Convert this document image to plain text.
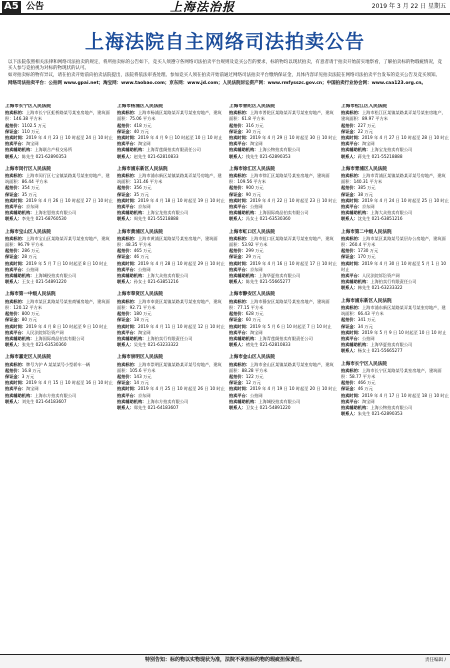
A5 公告	上海法治报	2019 年 3 月 22 日 星期五
上海法院自主网络司法拍卖公告

以下法院依照相关法律和网络司法拍卖的规定，将所拍卖标的公告如下，竞买人须遵守各网络司法拍卖平台规则及竞买公告的要求，标的物均以现状拍卖，有意者请于拍卖开始前实地察看，了解拍卖标的物瑕疵情况，竞买人参与竞拍视为对标的物现状的认可。

如对拍卖标的物有异议，请在拍卖开始前向拍卖法院提出，法院将依法审查处理。参加竞买人须在拍卖开始前通过网络司法拍卖平台缴纳保证金，具体内容详见拍卖法院在网络司法拍卖平台发布的竞买公告及竞买须知。

网络司法拍卖平台：公拍网 www.gpai.net；淘宝网：www.taobao.com；京东网：www.jd.com；人民法院诉讼资产网：www.rmfysszc.gov.cn；中国拍卖行业协会网：www.caa123.org.cn。

上海市长宁区人民法院
拍卖标的：上海市长宁区虹桥路某号某室房地产，建筑面积：146.38 平方米
起拍价：1102.5 万元
保证金：110 万元
拍卖时间：2019 年 4 月 23 日 10 时起至 24 日 10 时止
拍卖平台：淘宝网
拍卖辅助机构：上海联合产权交易所
联系人：陈先生 021-62890353
上海市闵行区人民法院
拍卖标的：上海市闵行区七宝镇某路某号某室房地产，建筑面积：86.44 平方米
起拍价：354 万元
保证金：35 万元
拍卖时间：2019 年 4 月 26 日 10 时起至 27 日 10 时止
拍卖平台：京东网
拍卖辅助机构：上海宏恩拍卖有限公司
联系人：李先生 021-68760530
上海市宝山区人民法院
拍卖标的：上海市宝山区某路某弄某号某室房地产，建筑面积：96.79 平方米
起拍价：286 万元
保证金：28 万元
拍卖时间：2019 年 5 月 7 日 10 时起至 8 日 10 时止
拍卖平台：公拍网
拍卖辅助机构：上海城投拍卖有限公司
联系人：王女士 021-54891220
上海市第一中级人民法院
拍卖标的：上海市某区某路某号某室商铺房地产，建筑面积：120.12 平方米
起拍价：800 万元
保证金：80 万元
拍卖时间：2019 年 4 月 8 日 10 时起至 9 日 10 时止
拍卖平台：人民法院诉讼资产网
拍卖辅助机构：上海国际商品拍卖有限公司
联系人：张先生 021-63530360
上海市嘉定区人民法院
拍卖标的：牌号为沪 A 某某某号小型轿车一辆
起拍价：16.8 万元
保证金：3 万元
拍卖时间：2019 年 4 月 15 日 10 时起至 16 日 10 时止
拍卖平台：淘宝网
拍卖辅助机构：上海东方拍卖有限公司
联系人：刘先生 021-64183607
上海市杨浦区人民法院
拍卖标的：上海市杨浦区某路某弄某号某室房地产，建筑面积：75.06 平方米
起拍价：418 万元
保证金：40 万元
拍卖时间：2019 年 4 月 9 日 10 时起至 10 日 10 时止
拍卖平台：淘宝网
拍卖辅助机构：上海青莲阁拍卖有限责任公司
联系人：赵先生 021-62810833
上海市浦东新区人民法院
拍卖标的：上海市浦东新区某镇某路某弄某号房地产，建筑面积：131.46 平方米
起拍价：356 万元
保证金：35 万元
拍卖时间：2019 年 4 月 18 日 10 时起至 19 日 10 时止
拍卖平台：京东网
拍卖辅助机构：上海宝龙拍卖有限公司
联系人：周先生 021-55218888
上海市黄浦区人民法院
拍卖标的：上海市黄浦区某路某号某室房地产，建筑面积：48.35 平方米
起拍价：465 万元
保证金：46 万元
拍卖时间：2019 年 4 月 28 日 10 时起至 29 日 10 时止
拍卖平台：公拍网
拍卖辅助机构：上海大众拍卖有限公司
联系人：孙女士 021-63851216
上海市奉贤区人民法院
拍卖标的：上海市奉贤区某镇某路某号某室房地产，建筑面积：92.71 平方米
起拍价：180 万元
保证金：18 万元
拍卖时间：2019 年 4 月 11 日 10 时起至 12 日 10 时止
拍卖平台：淘宝网
拍卖辅助机构：上海拍卖行有限责任公司
联系人：吴先生 021-63233322
上海市崇明区人民法院
拍卖标的：上海市崇明区某镇某路某弄某号房地产，建筑面积：105.6 平方米
起拍价：143 万元
保证金：14 万元
拍卖时间：2019 年 4 月 25 日 10 时起至 26 日 10 时止
拍卖平台：京东网
拍卖辅助机构：上海东方拍卖有限公司
联系人：郑先生 021-64183607
上海市普陀区人民法院
拍卖标的：上海市普陀区某路某弄某号某室房地产，建筑面积：61.8 平方米
起拍价：316 万元
保证金：30 万元
拍卖时间：2019 年 4 月 29 日 10 时起至 30 日 10 时止
拍卖平台：淘宝网
拍卖辅助机构：上海公物拍卖有限公司
联系人：钱先生 021-62890353
上海市徐汇区人民法院
拍卖标的：上海市徐汇区某路某号某室房地产，建筑面积：109.56 平方米
起拍价：900 万元
保证金：90 万元
拍卖时间：2019 年 4 月 22 日 10 时起至 23 日 10 时止
拍卖平台：公拍网
拍卖辅助机构：上海国际商品拍卖有限公司
联系人：冯女士 021-63530360
上海市虹口区人民法院
拍卖标的：上海市虹口区某路某弄某号某室房地产，建筑面积：53.92 平方米
起拍价：299 万元
保证金：29 万元
拍卖时间：2019 年 4 月 16 日 10 时起至 17 日 10 时止
拍卖平台：京东网
拍卖辅助机构：上海华夏拍卖有限公司
联系人：陈先生 021-55665277
上海市静安区人民法院
拍卖标的：上海市静安区某路某号某室房地产，建筑面积：77.15 平方米
起拍价：628 万元
保证金：60 万元
拍卖时间：2019 年 5 月 6 日 10 时起至 7 日 10 时止
拍卖平台：淘宝网
拍卖辅助机构：上海青莲阁拍卖有限责任公司
联系人：褚先生 021-62810833
上海市金山区人民法院
拍卖标的：上海市金山区某镇某路某号某室房地产，建筑面积：88.28 平方米
起拍价：122 万元
保证金：12 万元
拍卖时间：2019 年 4 月 19 日 10 时起至 20 日 10 时止
拍卖平台：公拍网
拍卖辅助机构：上海城投拍卖有限公司
联系人：卫女士 021-54891220
上海市松江区人民法院
拍卖标的：上海市松江区某镇某路某弄某号某室房地产，建筑面积：89.97 平方米
起拍价：227 万元
保证金：22 万元
拍卖时间：2019 年 4 月 27 日 10 时起至 28 日 10 时止
拍卖平台：淘宝网
拍卖辅助机构：上海宝龙拍卖有限公司
联系人：蒋先生 021-55218888
上海市青浦区人民法院
拍卖标的：上海市青浦区某镇某路某弄某号房地产，建筑面积：140.31 平方米
起拍价：385 万元
保证金：38 万元
拍卖时间：2019 年 4 月 24 日 10 时起至 25 日 10 时止
拍卖平台：京东网
拍卖辅助机构：上海大众拍卖有限公司
联系人：沈先生 021-63851216
上海市第二中级人民法院
拍卖标的：上海市某区某路某号某层办公房地产，建筑面积：260.4 平方米
起拍价：1730 万元
保证金：170 万元
拍卖时间：2019 年 4 月 30 日 10 时起至 5 月 1 日 10 时止
拍卖平台：人民法院诉讼资产网
拍卖辅助机构：上海拍卖行有限责任公司
联系人：韩先生 021-63233322
上海市浦东新区人民法院
拍卖标的：上海市浦东新区某路某弄某号某室房地产，建筑面积：66.43 平方米
起拍价：341 万元
保证金：34 万元
拍卖时间：2019 年 5 月 9 日 10 时起至 10 日 10 时止
拍卖平台：公拍网
拍卖辅助机构：上海华夏拍卖有限公司
联系人：杨女士 021-55665277
上海市长宁区人民法院
拍卖标的：上海市长宁区某路某号某室房地产，建筑面积：58.77 平方米
起拍价：466 万元
保证金：46 万元
拍卖时间：2019 年 4 月 17 日 10 时起至 18 日 10 时止
拍卖平台：淘宝网
拍卖辅助机构：上海公物拍卖有限公司
联系人：朱先生 021-62890353
特别告知：标的物以实物现状为准，法院不承担标的物的瑕疵担保责任。	责任编辑 /
